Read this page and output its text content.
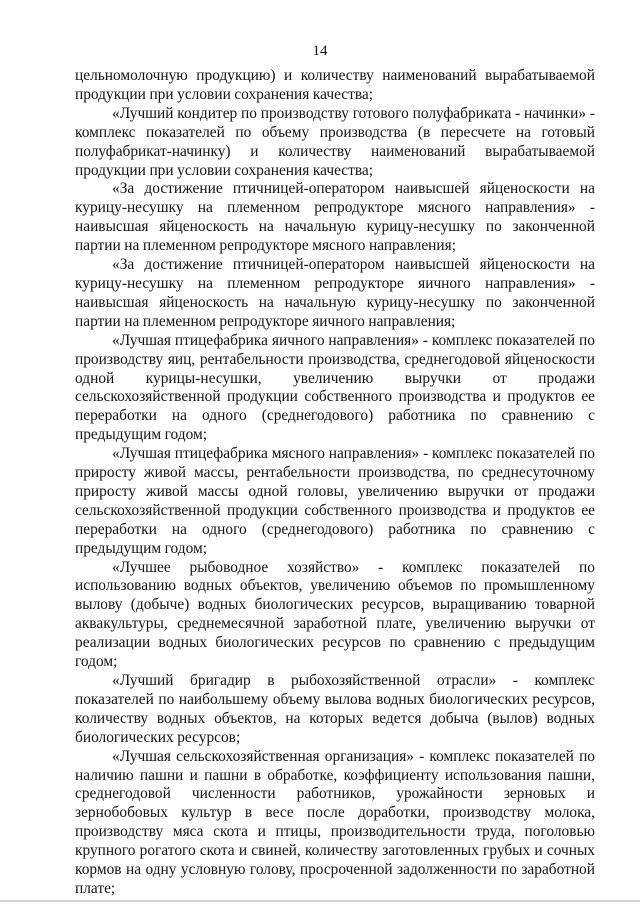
14

цельномолочную продукцию) и количеству наименований вырабатываемой продукции при условии сохранения качества;

«Лучший кондитер по производству готового полуфабриката - начинки» - комплекс показателей по объему производства (в пересчете на готовый полуфабрикат-начинку) и количеству наименований вырабатываемой продукции при условии сохранения качества;

«За достижение птичницей-оператором наивысшей яйценоскости на курицу-несушку на племенном репродукторе мясного направления» - наивысшая яйценоскость на начальную курицу-несушку по законченной партии на племенном репродукторе мясного направления;

«За достижение птичницей-оператором наивысшей яйценоскости на курицу-несушку на племенном репродукторе яичного направления» - наивысшая яйценоскость на начальную курицу-несушку по законченной партии на племенном репродукторе яичного направления;

«Лучшая птицефабрика яичного направления» - комплекс показателей по производству яиц, рентабельности производства, среднегодовой яйценоскости одной курицы-несушки, увеличению выручки от продажи сельскохозяйственной продукции собственного производства и продуктов ее переработки на одного (среднегодового) работника по сравнению с предыдущим годом;

«Лучшая птицефабрика мясного направления» - комплекс показателей по приросту живой массы, рентабельности производства, по среднесуточному приросту живой массы одной головы, увеличению выручки от продажи сельскохозяйственной продукции собственного производства и продуктов ее переработки на одного (среднегодового) работника по сравнению с предыдущим годом;

«Лучшее рыбоводное хозяйство» - комплекс показателей по использованию водных объектов, увеличению объемов по промышленному вылову (добыче) водных биологических ресурсов, выращиванию товарной аквакультуры, среднемесячной заработной плате, увеличению выручки от реализации водных биологических ресурсов по сравнению с предыдущим годом;

«Лучший бригадир в рыбохозяйственной отрасли» - комплекс показателей по наибольшему объему вылова водных биологических ресурсов, количеству водных объектов, на которых ведется добыча (вылов) водных биологических ресурсов;

«Лучшая сельскохозяйственная организация» - комплекс показателей по наличию пашни и пашни в обработке, коэффициенту использования пашни, среднегодовой численности работников, урожайности зерновых и зернобобовых культур в весе после доработки, производству молока, производству мяса скота и птицы, производительности труда, поголовью крупного рогатого скота и свиней, количеству заготовленных грубых и сочных кормов на одну условную голову, просроченной задолженности по заработной плате;
